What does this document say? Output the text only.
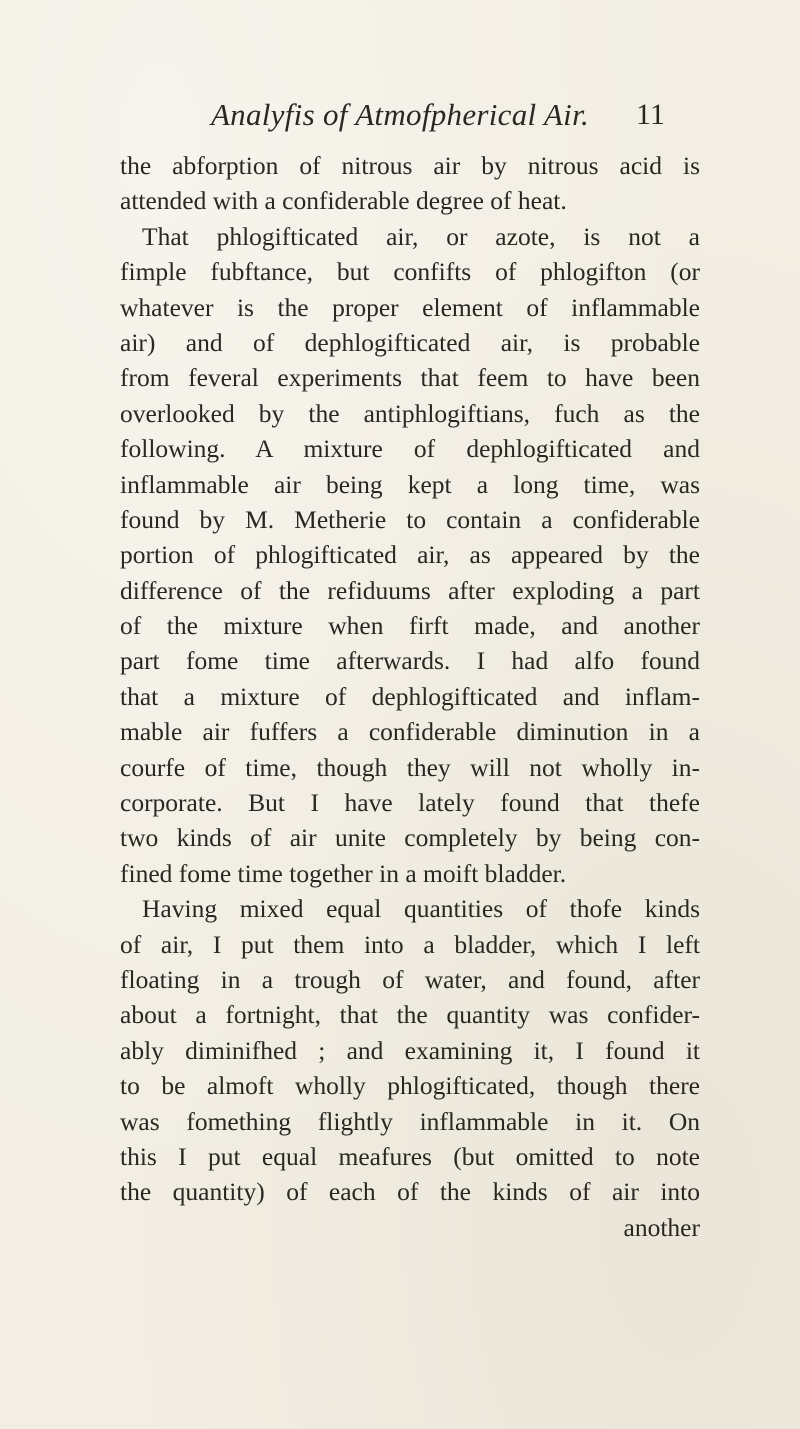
Analyfis of Atmofpherical Air.	11
the abforption of nitrous air by nitrous acid is
attended with a confiderable degree of heat.
That phlogifticated air, or azote, is not a
fimple fubftance, but confifts of phlogifton (or
whatever is the proper element of inflammable
air) and of dephlogifticated air, is probable
from feveral experiments that feem to have been
overlooked by the antiphlogiftians, fuch as the
following. A mixture of dephlogifticated and
inflammable air being kept a long time, was
found by M. Metherie to contain a confiderable
portion of phlogifticated air, as appeared by the
difference of the refiduums after exploding a part
of the mixture when firft made, and another
part fome time afterwards. I had alfo found
that a mixture of dephlogifticated and inflam-
mable air fuffers a confiderable diminution in a
courfe of time, though they will not wholly in-
corporate. But I have lately found that thefe
two kinds of air unite completely by being con-
fined fome time together in a moift bladder.
Having mixed equal quantities of thofe kinds
of air, I put them into a bladder, which I left
floating in a trough of water, and found, after
about a fortnight, that the quantity was confider-
ably diminifhed ; and examining it, I found it
to be almoft wholly phlogifticated, though there
was fomething flightly inflammable in it. On
this I put equal meafures (but omitted to note
the quantity) of each of the kinds of air into
another
